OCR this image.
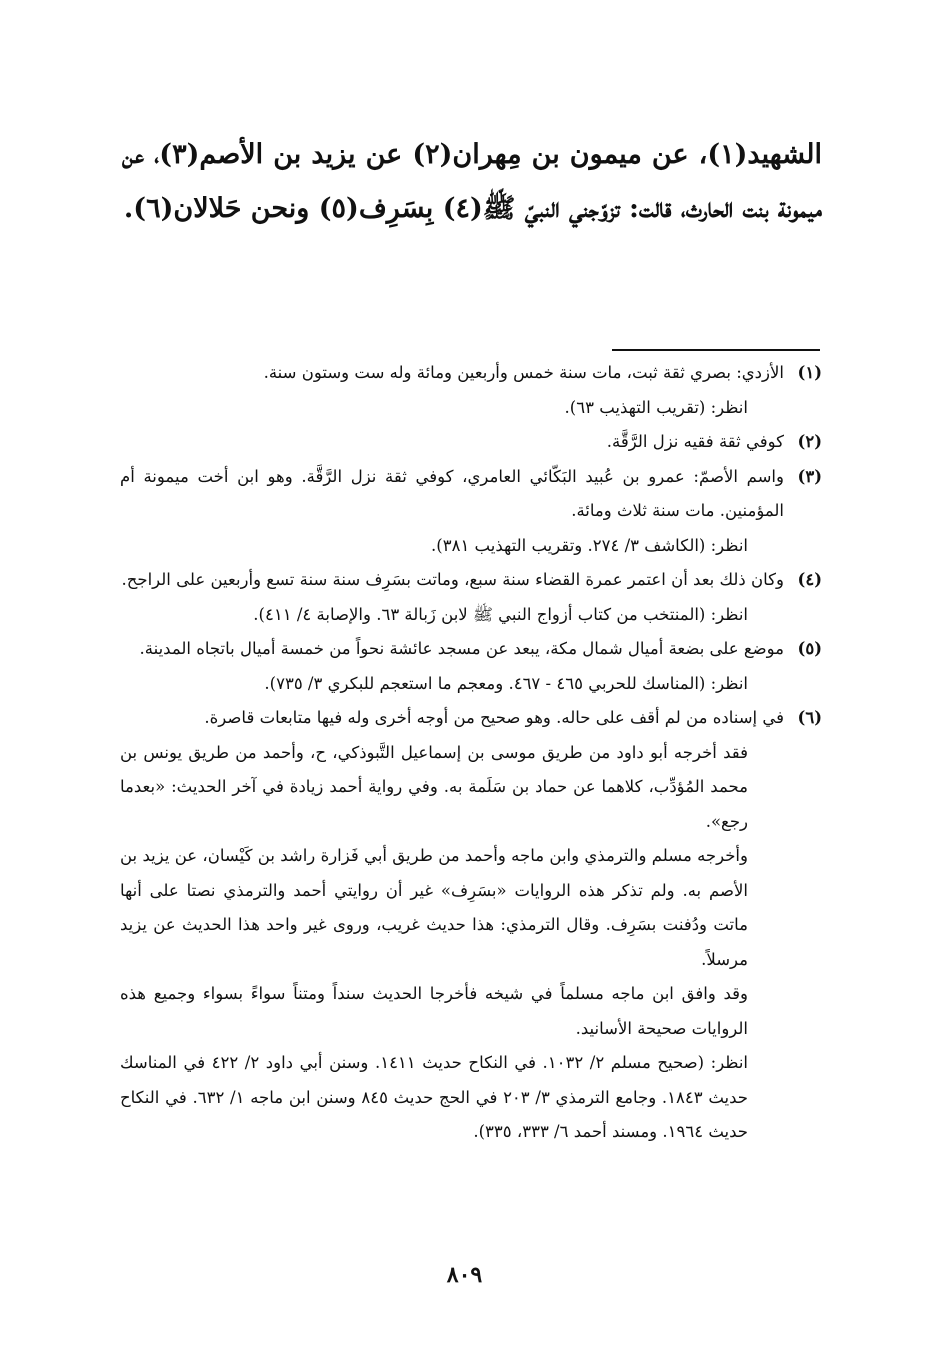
الشهيد(١)، عن ميمون بن مِهران(٢) عن يزيد بن الأصم(٣)، عن ميمونة بنت الحارث، قالت: تزوّجني النبيّ ﷺ(٤) بِسَرِف(٥) ونحن حَلالان(٦).

(١)

الأزدي: بصري ثقة ثبت، مات سنة خمس وأربعين ومائة وله ست وستون سنة.

انظر: (تقريب التهذيب ٦٣).

(٢)

كوفي ثقة فقيه نزل الرَّقَّة.

(٣)

واسم الأصمّ: عمرو بن عُبيد البَكّائي العامري، كوفي ثقة نزل الرَّقَّة. وهو ابن أخت ميمونة أم المؤمنين. مات سنة ثلاث ومائة.

انظر: (الكاشف ٣/ ٢٧٤. وتقريب التهذيب ٣٨١).

(٤)

وكان ذلك بعد أن اعتمر عمرة القضاء سنة سبع، وماتت بسَرِف سنة سنة تسع وأربعين على الراجح.

انظر: (المنتخب من كتاب أزواج النبي ﷺ لابن زَبالة ٦٣. والإصابة ٤/ ٤١١).

(٥)

موضع على بضعة أميال شمال مكة، يبعد عن مسجد عائشة نحواً من خمسة أميال باتجاه المدينة.

انظر: (المناسك للحربي ٤٦٥ - ٤٦٧. ومعجم ما استعجم للبكري ٣/ ٧٣٥).

(٦)

في إسناده من لم أقف على حاله. وهو صحيح من أوجه أخرى وله فيها متابعات قاصرة.

فقد أخرجه أبو داود من طريق موسى بن إسماعيل التَّبوذكي، ح، وأحمد من طريق يونس بن محمد المُؤدِّب، كلاهما عن حماد بن سَلَمة به. وفي رواية أحمد زيادة في آخر الحديث: «بعدما رجع».

وأخرجه مسلم والترمذي وابن ماجه وأحمد من طريق أبي فَزارة راشد بن كَيْسان، عن يزيد بن الأصم به. ولم تذكر هذه الروايات «بسَرِف» غير أن روايتي أحمد والترمذي نصتا على أنها ماتت ودُفنت بسَرِف. وقال الترمذي: هذا حديث غريب، وروى غير واحد هذا الحديث عن يزيد مرسلاً.

وقد وافق ابن ماجه مسلماً في شيخه فأخرجا الحديث سنداً ومتناً سواءً بسواء وجميع هذه الروايات صحيحة الأسانيد.

انظر: (صحيح مسلم ٢/ ١٠٣٢. في النكاح حديث ١٤١١. وسنن أبي داود ٢/ ٤٢٢ في المناسك حديث ١٨٤٣. وجامع الترمذي ٣/ ٢٠٣ في الحج حديث ٨٤٥ وسنن ابن ماجه ١/ ٦٣٢. في النكاح حديث ١٩٦٤. ومسند أحمد ٦/ ٣٣٣، ٣٣٥).

٨٠٩
